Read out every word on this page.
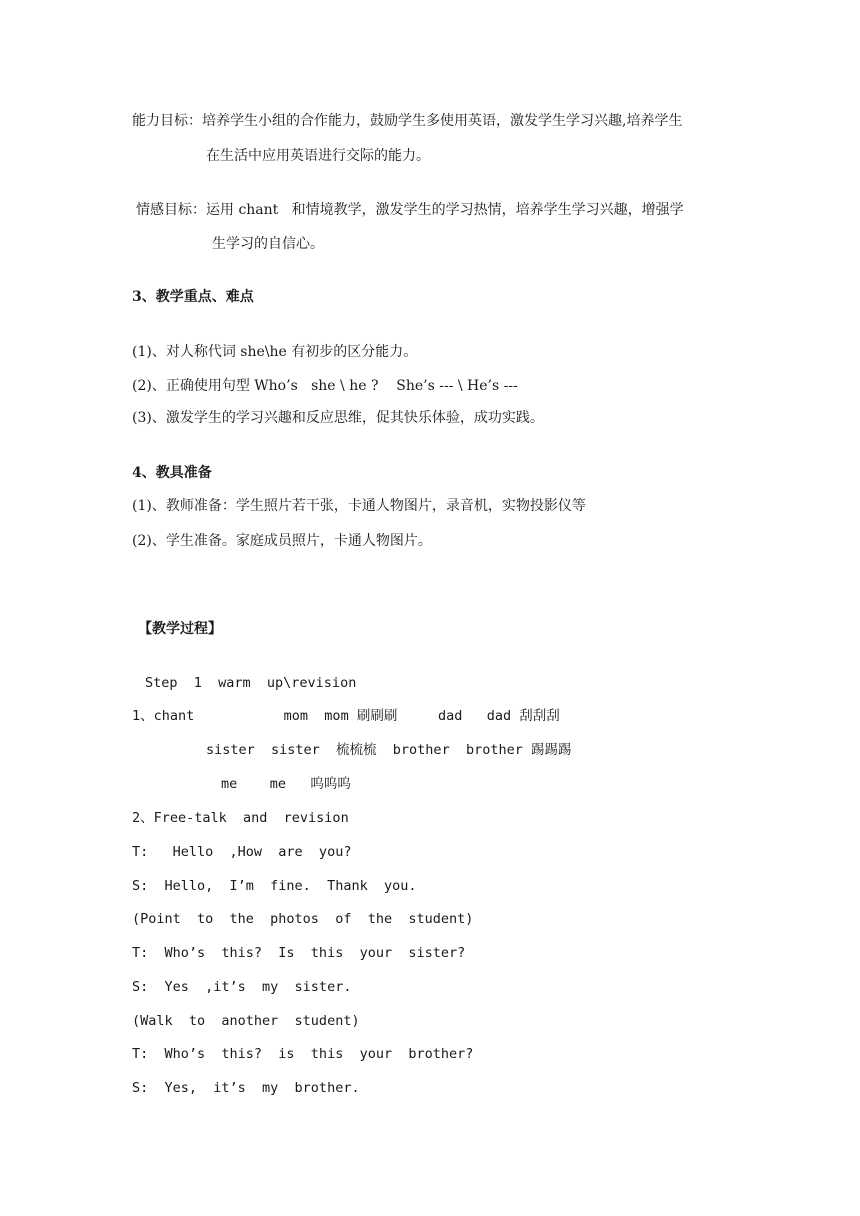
能力目标：培养学生小组的合作能力，鼓励学生多使用英语，激发学生学习兴趣,培养学生
在生活中应用英语进行交际的能力。
情感目标：运用 chant   和情境教学，激发学生的学习热情，培养学生学习兴趣，增强学
生学习的自信心。
3、教学重点、难点
(1)、对人称代词 she\he 有初步的区分能力。
(2)、正确使用句型 Who’s   she \ he ?    She’s --- \ He’s ---
(3)、激发学生的学习兴趣和反应思维，促其快乐体验，成功实践。
4、教具准备
(1)、教师准备：学生照片若干张，卡通人物图片，录音机，实物投影仪等
(2)、学生准备。家庭成员照片，卡通人物图片。
【教学过程】
Step  1  warm  up\revision
1、chant           mom  mom 刷刷刷     dad   dad 刮刮刮
sister  sister  梳梳梳  brother  brother 踢踢踢
me    me   呜呜呜
2、Free-talk  and  revision
T:   Hello  ,How  are  you?
S:  Hello,  I’m  fine.  Thank  you.
(Point  to  the  photos  of  the  student)
T:  Who’s  this?  Is  this  your  sister?
S:  Yes  ,it’s  my  sister.
(Walk  to  another  student)
T:  Who’s  this?  is  this  your  brother?
S:  Yes,  it’s  my  brother.
